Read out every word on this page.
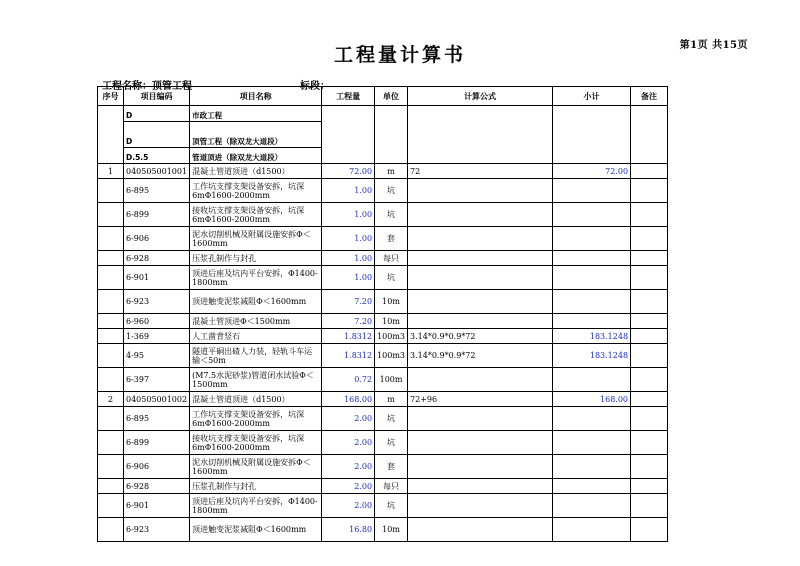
第1页 共15页
工程量计算书
工程名称：顶管工程	标段：
序号	项目编码	项目名称	工程量	单位	计算公式	小计	备注
	D	市政工程					
	D	顶管工程（除双龙大道段）					
	D.5.5	管道顶进（除双龙大道段）					
1	040505001001	混凝土管道顶进（d1500）	72.00	m	72	72.00	
	6-895	工作坑支撑支架设备安拆，坑深6mΦ1600-2000mm	1.00	坑			
	6-899	接收坑支撑支架设备安拆，坑深6mΦ1600-2000mm	1.00	坑			
	6-906	泥水切削机械及附属设施安拆Φ＜1600mm	1.00	套			
	6-928	压浆孔制作与封孔	1.00	每只			
	6-901	顶进后座及坑内平台安拆，Φ1400-1800mm	1.00	坑			
	6-923	顶进触变泥浆减阻Φ＜1600mm	7.20	10m			
	6-960	混凝土管顶进Φ＜1500mm	7.20	10m			
	1-369	人工凿背竖石	1.8312	100m3	3.14*0.9*0.9*72	183.1248	
	4-95	隧道平硐出碴人力装，轻轨斗车运输＜50m	1.8312	100m3	3.14*0.9*0.9*72	183.1248	
	6-397	(M7.5水泥砂浆)管道闭水试验Φ＜1500mm	0.72	100m			
2	040505001002	混凝土管道顶进（d1500）	168.00	m	72+96	168.00	
	6-895	工作坑支撑支架设备安拆，坑深6mΦ1600-2000mm	2.00	坑			
	6-899	接收坑支撑支架设备安拆，坑深6mΦ1600-2000mm	2.00	坑			
	6-906	泥水切削机械及附属设施安拆Φ＜1600mm	2.00	套			
	6-928	压浆孔制作与封孔	2.00	每只			
	6-901	顶进后座及坑内平台安拆，Φ1400-1800mm	2.00	坑			
	6-923	顶进触变泥浆减阻Φ＜1600mm	16.80	10m			
